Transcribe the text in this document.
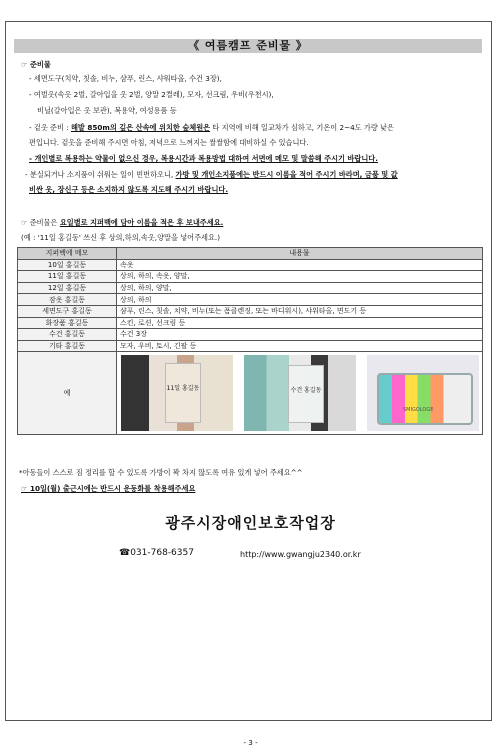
《 여름캠프 준비물 》
☞ 준비물
- 세면도구(치약, 칫솔, 비누, 샴푸, 린스, 샤워타올, 수건 3장),
- 여벌옷(속옷 2벌, 갈아입을 옷 2벌, 양말 2켤레), 모자, 선크림, 우비(우천시),
비닐(갈아입은 옷 보관), 복용약, 여성용품 등
- 겉옷 준비 : 해발 850m의 깊은 산속에 위치한 숲체원은 타 지역에 비해 일교차가 심하고, 기온이 2~4도 가량 낮은
편입니다. 겉옷을 준비해 주시면 아침, 저녁으로 느껴지는 쌀쌀함에 대비하실 수 있습니다.
- 개인별로 복용하는 약물이 없으신 경우, 복용시간과 복용방법 대하여 서면에 메모 및 말씀해 주시기 바랍니다.
- 분실되거나 소지품이 쉬워는 일이 빈번하오니, 가방 및 개인소지품에는 반드시 이름을 적어 주시기 바라며, 금품 및 값
비싼 옷, 장신구 등은 소지하지 않도록 지도해 주시기 바랍니다.
☞ 준비물은 요일별로 지퍼백에 담아 이름을 적은 후 보내주세요.
(예 : '11일 홍길동' 쓰신 후 상의,하의,속옷,양말을 넣어주세요.)
지퍼백에 메모	내용물
10일 홍길동	속옷
11일 홍길동	상의, 하의, 속옷, 양말,
12일 홍길동	상의, 하의, 양말,
잠옷 홍길동	상의, 하의
세면도구 홍길동	샴푸, 린스, 칫솔, 치약, 비누(또는 폼클렌징, 또는 바디워시), 샤워타올, 면도기 등
화장품 홍길동	스킨, 로션, 선크림 등
수건 홍길동	수건 3장
기타 홍길동	모자, 우비, 토시, 긴팔 등
예	11일 홍길동 수건 홍길동
SMIGOLOGE
*아동들이 스스로 짐 정리를 할 수 있도록 가방이 꽉 차지 않도록 여유 있게 넣어 주세요^^
☞ 10일(월) 출근시에는 반드시 운동화를 착용해주세요
광주시장애인보호작업장
☎031-768-6357	http://www.gwangju2340.or.kr
- 3 -
